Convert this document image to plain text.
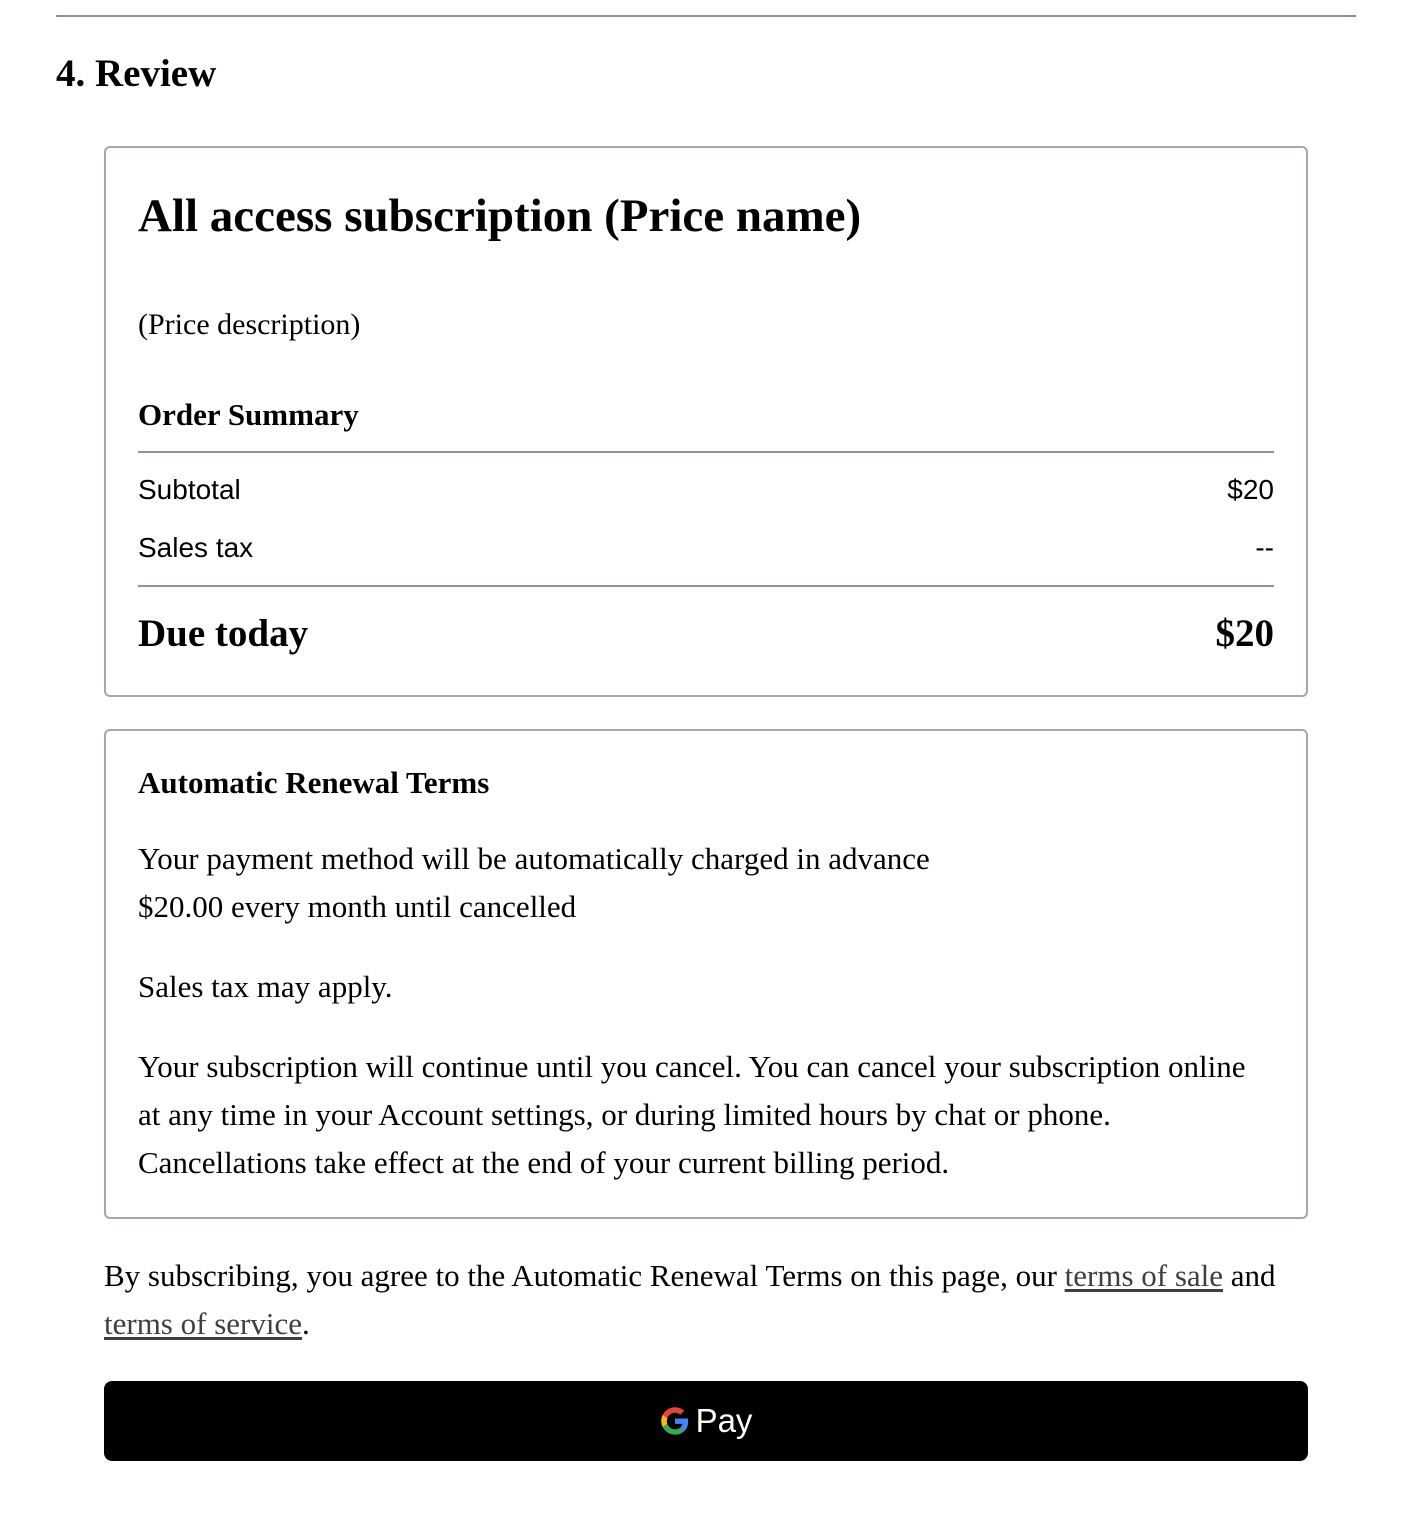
4. Review
All access subscription (Price name)

(Price description)

Order Summary
Subtotal	$20
Sales tax	--
Due today	$20
Automatic Renewal Terms

Your payment method will be automatically charged in advance
$20.00 every month until cancelled

Sales tax may apply.

Your subscription will continue until you cancel. You can cancel your subscription online at any time in your Account settings, or during limited hours by chat or phone. Cancellations take effect at the end of your current billing period.

By subscribing, you agree to the Automatic Renewal Terms on this page, our terms of sale and terms of service.

Pay
